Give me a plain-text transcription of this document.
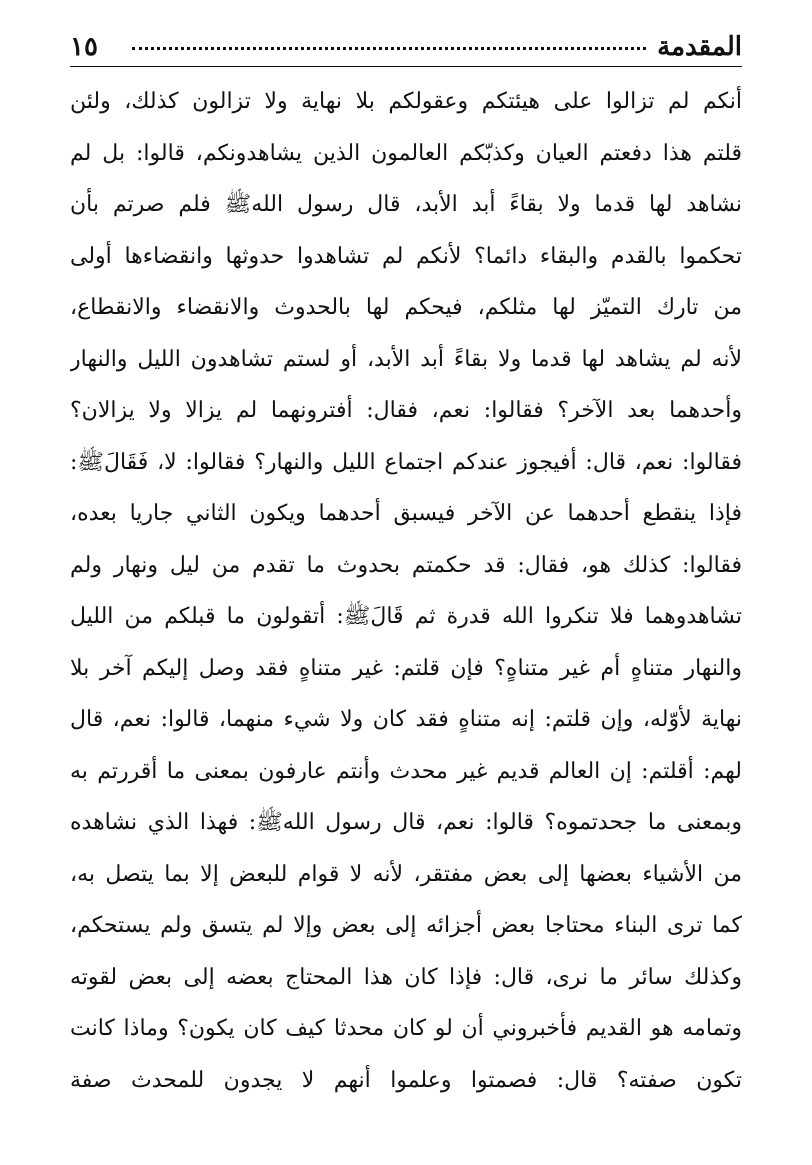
المقدمة
١٥
أنكم لم تزالوا على هيئتكم وعقولكم بلا نهاية ولا تزالون كذلك، ولئن
قلتم هذا دفعتم العيان وكذبّكم العالمون الذين يشاهدونكم، قالوا: بل لم
نشاهد لها قدما ولا بقاءً أبد الأبد، قال رسول اللهﷺ فلم صرتم بأن
تحكموا بالقدم والبقاء دائما؟ لأنكم لم تشاهدوا حدوثها وانقضاءها أولى
من تارك التميّز لها مثلكم، فيحكم لها بالحدوث والانقضاء والانقطاع،
لأنه لم يشاهد لها قدما ولا بقاءً أبد الأبد، أو لستم تشاهدون الليل والنهار
وأحدهما بعد الآخر؟ فقالوا: نعم، فقال: أفترونهما لم يزالا ولا يزالان؟
فقالوا: نعم، قال: أفيجوز عندكم اجتماع الليل والنهار؟ فقالوا: لا، فَقَالَﷺ:
فإذا ينقطع أحدهما عن الآخر فيسبق أحدهما ويكون الثاني جاريا بعده،
فقالوا: كذلك هو، فقال: قد حكمتم بحدوث ما تقدم من ليل ونهار ولم
تشاهدوهما فلا تنكروا الله قدرة ثم قَالَﷺ: أتقولون ما قبلكم من الليل
والنهار متناهٍ أم غير متناهٍ؟ فإن قلتم: غير متناهٍ فقد وصل إليكم آخر بلا
نهاية لأوّله، وإن قلتم: إنه متناهٍ فقد كان ولا شيء منهما، قالوا: نعم، قال
لهم: أقلتم: إن العالم قديم غير محدث وأنتم عارفون بمعنى ما أقررتم به
وبمعنى ما جحدتموه؟ قالوا: نعم، قال رسول اللهﷺ: فهذا الذي نشاهده
من الأشياء بعضها إلى بعض مفتقر، لأنه لا قوام للبعض إلا بما يتصل به،
كما ترى البناء محتاجا بعض أجزائه إلى بعض وإلا لم يتسق ولم يستحكم،
وكذلك سائر ما نرى، قال: فإذا كان هذا المحتاج بعضه إلى بعض لقوته
وتمامه هو القديم فأخبروني أن لو كان محدثا كيف كان يكون؟ وماذا كانت
تكون صفته؟ قال: فصمتوا وعلموا أنهم لا يجدون للمحدث صفة
